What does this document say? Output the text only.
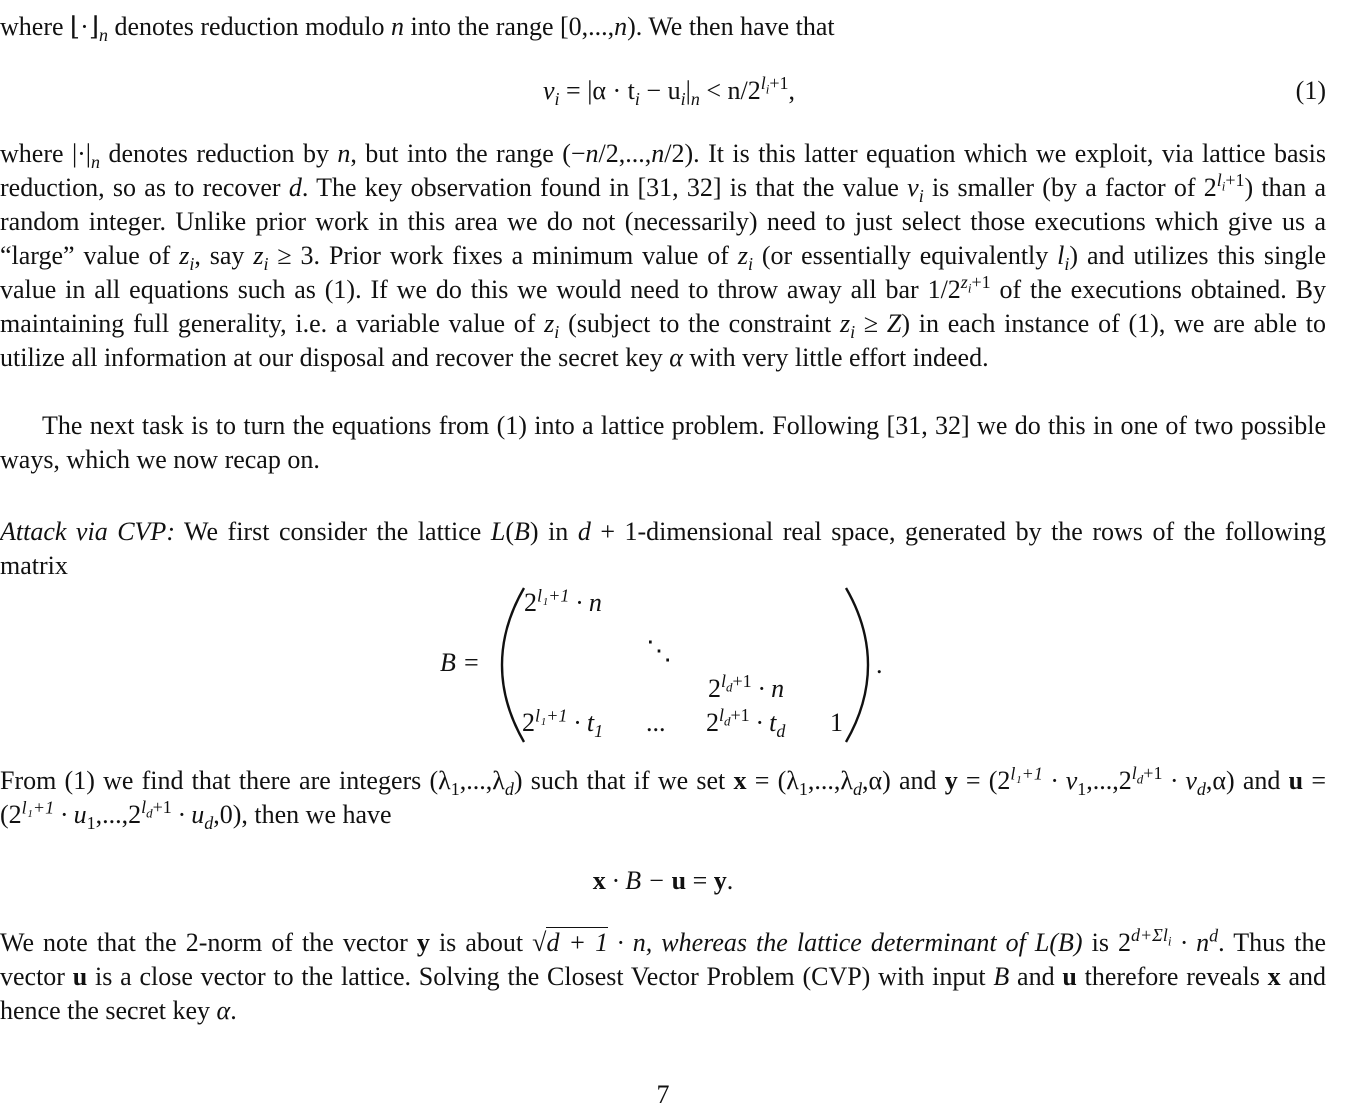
where $⌊\cdot⌋_n$ denotes reduction modulo n into the range [0,...,n). We then have that

$v_i = |\alpha \cdot t_i - u_i|_n < n/2^{l_i+1}$,	(1)

where $|\cdot|_n$ denotes reduction by n, but into the range (−n/2,...,n/2). It is this latter equation which we exploit, via lattice basis reduction, so as to recover d. The key observation found in [31, 32] is that the value $v_i$ is smaller (by a factor of $2^{l_i+1}$) than a random integer. Unlike prior work in this area we do not (necessarily) need to just select those executions which give us a “large” value of $z_i$, say $z_i \ge 3$. Prior work fixes a minimum value of $z_i$ (or essentially equivalently $l_i$) and utilizes this single value in all equations such as (1). If we do this we would need to throw away all bar $1/2^{z_i+1}$ of the executions obtained. By maintaining full generality, i.e. a variable value of $z_i$ (subject to the constraint $z_i \ge Z$) in each instance of (1), we are able to utilize all information at our disposal and recover the secret key α with very little effort indeed.

The next task is to turn the equations from (1) into a lattice problem. Following [31, 32] we do this in one of two possible ways, which we now recap on.

Attack via CVP: We first consider the lattice L(B) in d + 1-dimensional real space, generated by the rows of the following matrix

B =
$2^{l_1+1} \cdot n$
⋱
$2^{l_d+1} \cdot n$
$2^{l_1+1} \cdot t_1$ ... $2^{l_d+1} \cdot t_d$ 1
.

From (1) we find that there are integers $(\lambda_1,...,\lambda_d)$ such that if we set $x = (\lambda_1,...,\lambda_d,\alpha)$ and $y = (2^{l_1+1} \cdot v_1,...,2^{l_d+1} \cdot v_d,\alpha)$ and $u = (2^{l_1+1} \cdot u_1,...,2^{l_d+1} \cdot u_d,0)$, then we have

x · B − u = y.

We note that the 2-norm of the vector y is about √d + 1 · n, whereas the lattice determinant of L(B) is $2^{d+\Sigma l_i} \cdot n^d$. Thus the vector u is a close vector to the lattice. Solving the Closest Vector Problem (CVP) with input B and u therefore reveals x and hence the secret key α.

7
